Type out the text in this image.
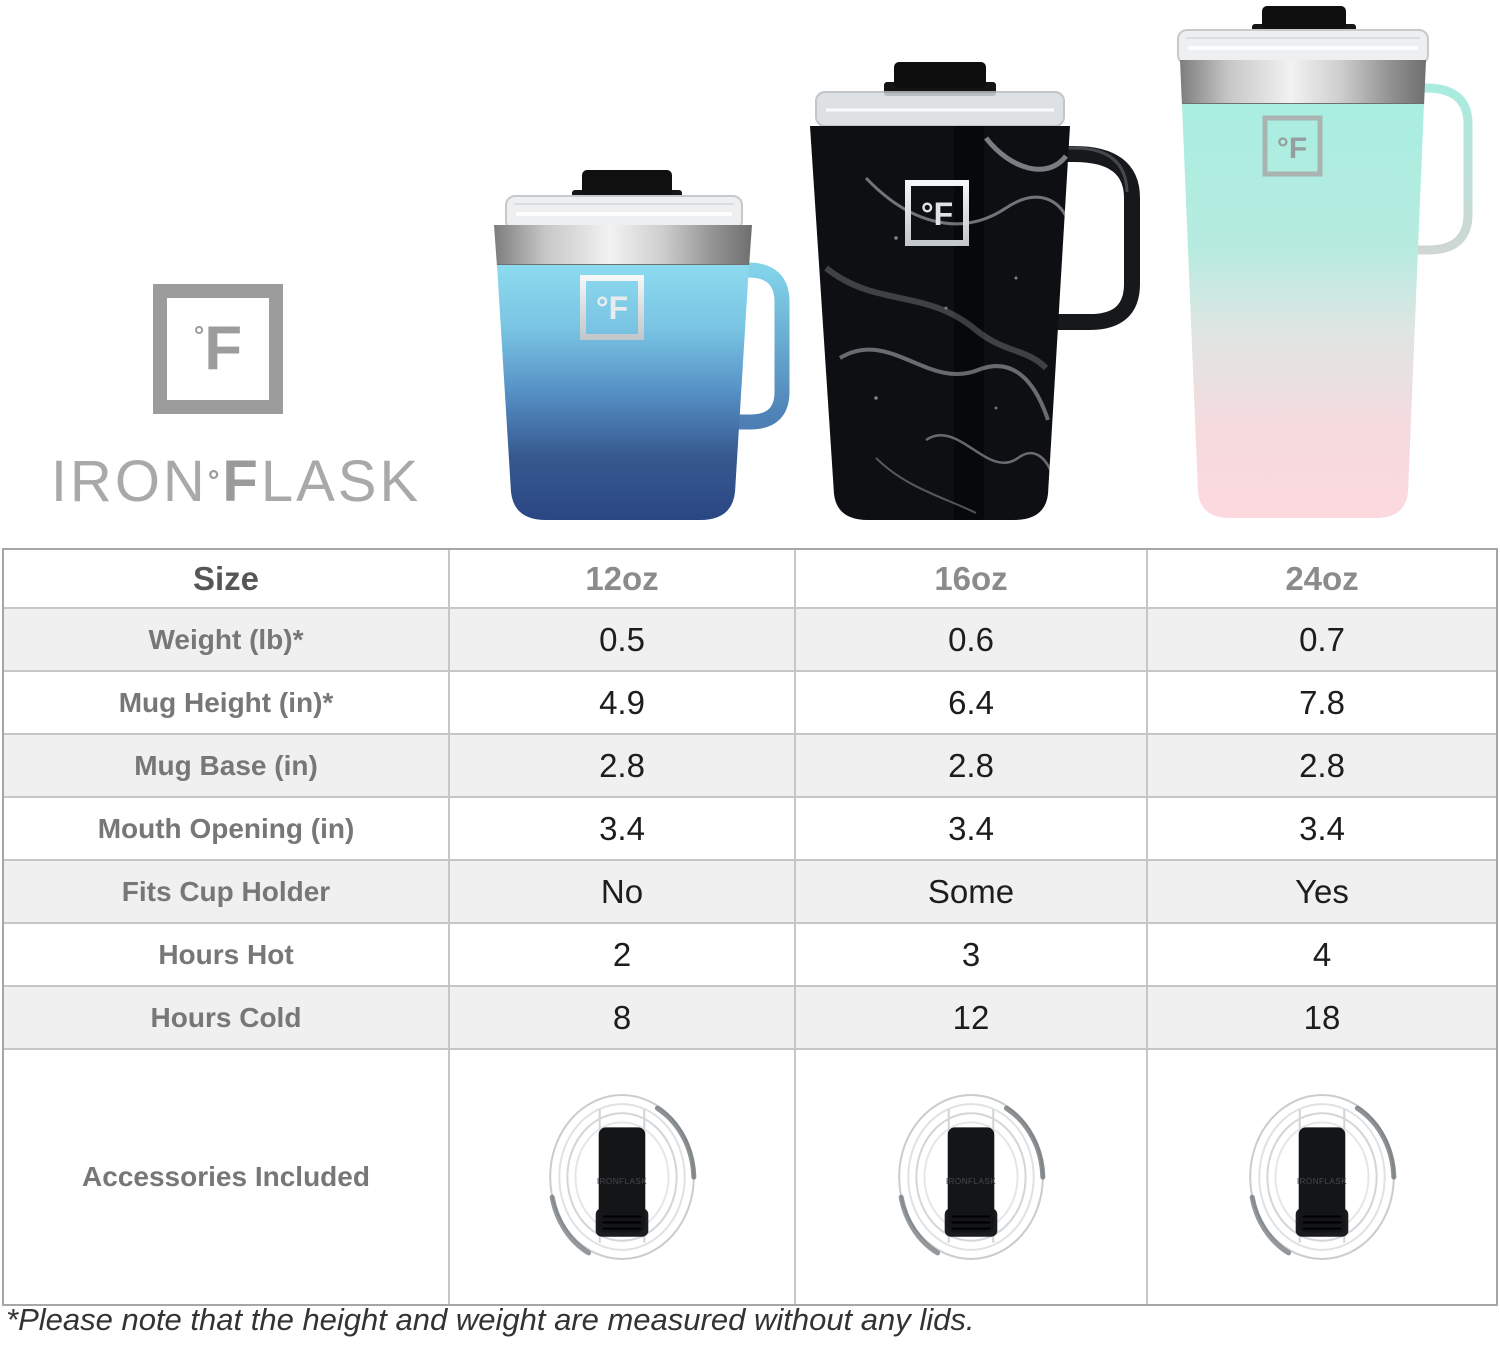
° F
IRON ° F LASK
°F
°F
°F
Size	12oz	16oz	24oz
Weight (lb)*	0.5	0.6	0.7
Mug Height (in)*	4.9	6.4	7.8
Mug Base (in)	2.8	2.8	2.8
Mouth Opening (in)	3.4	3.4	3.4
Fits Cup Holder	No	Some	Yes
Hours Hot	2	3	4
Hours Cold	8	12	18
Accessories Included	IRONFLASK	IRONFLASK	IRONFLASK
*Please note that the height and weight are measured without any lids.
